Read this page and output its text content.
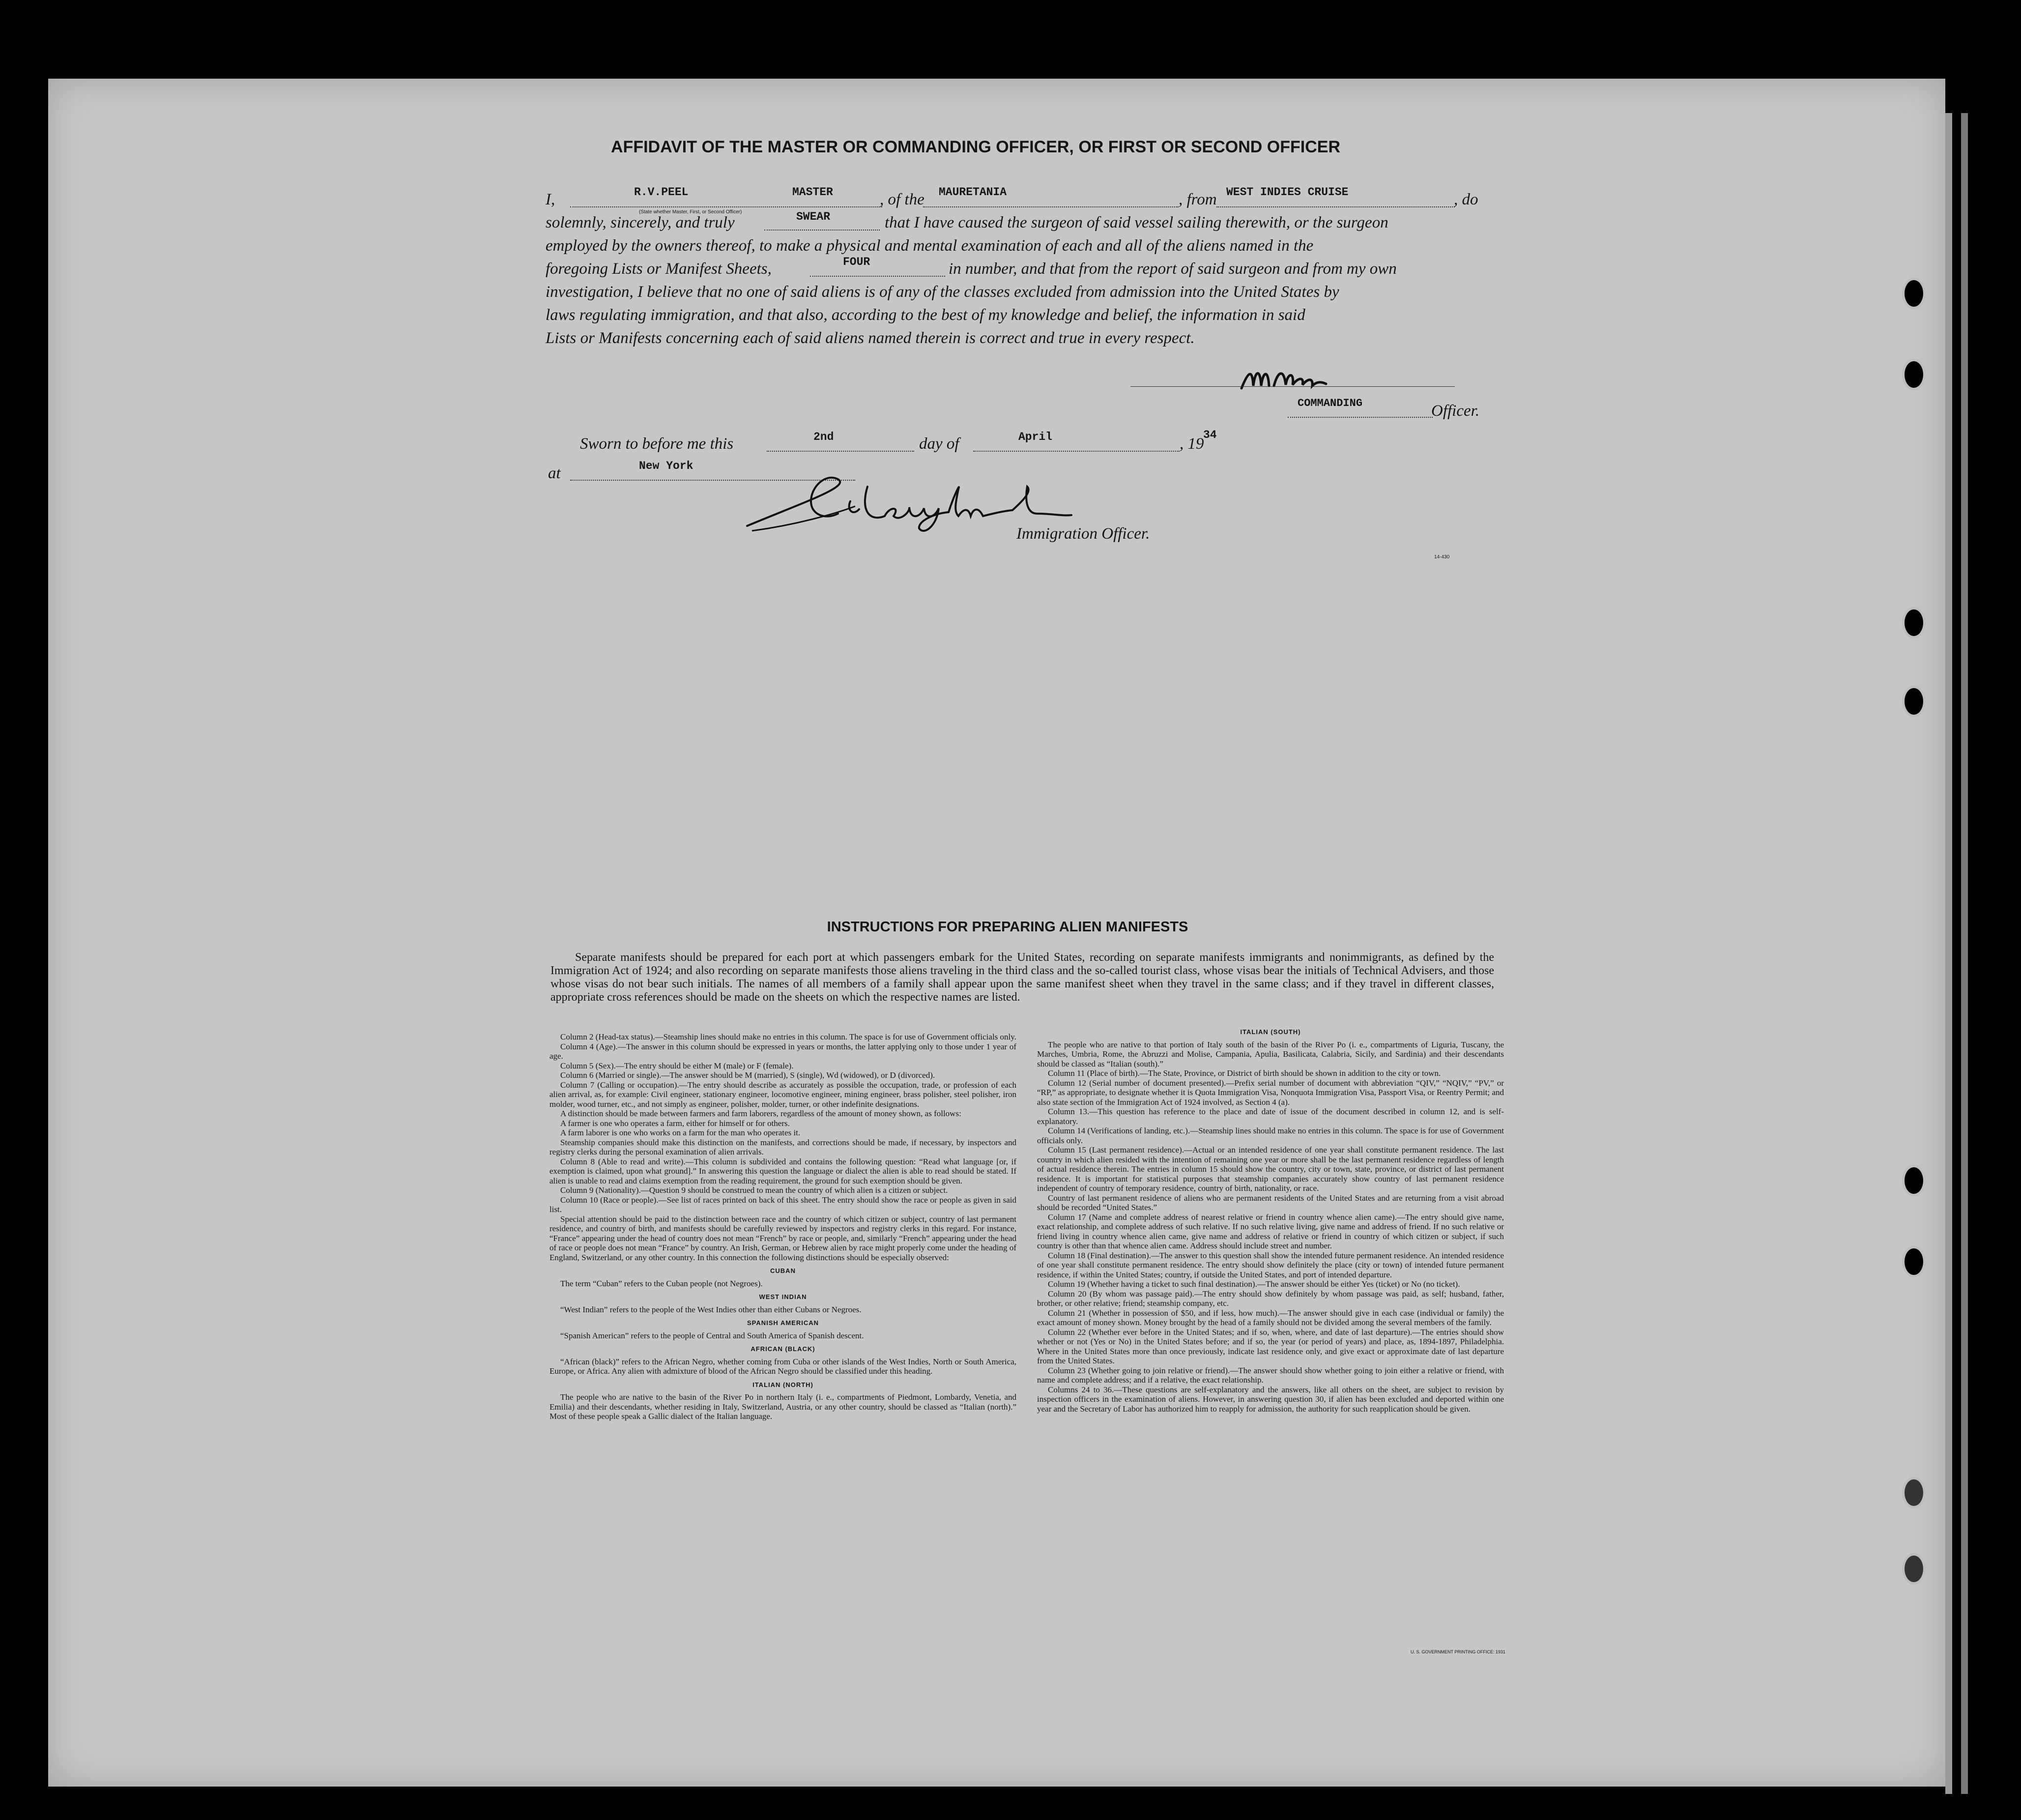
AFFIDAVIT OF THE MASTER OR COMMANDING OFFICER, OR FIRST OR SECOND OFFICER
I,	R.V.PEEL	MASTER
(State whether Master, First, or Second Officer)
, of the MAURETANIA	, from WEST INDIES CRUISE	, do
solemnly, sincerely, and truly	SWEAR	that I have caused the surgeon of said vessel sailing therewith, or the surgeon
employed by the owners thereof, to make a physical and mental examination of each and all of the aliens named in the
foregoing Lists or Manifest Sheets,	FOUR	in number, and that from the report of said surgeon and from my own
investigation, I believe that no one of said aliens is of any of the classes excluded from admission into the United States by
laws regulating immigration, and that also, according to the best of my knowledge and belief, the information in said
Lists or Manifests concerning each of said aliens named therein is correct and true in every respect.
COMMANDING	Officer.
Sworn to before me this	2nd	day of	April	, 19
34
at	New York
Immigration Officer.
14-430
INSTRUCTIONS FOR PREPARING ALIEN MANIFESTS
Separate manifests should be prepared for each port at which passengers embark for the United States, recording on separate manifests immigrants and nonimmigrants, as defined by the Immigration Act of 1924; and also recording on separate manifests those aliens traveling in the third class and the so-called tourist class, whose visas bear the initials of Technical Advisers, and those whose visas do not bear such initials. The names of all members of a family shall appear upon the same manifest sheet when they travel in the same class; and if they travel in different classes, appropriate cross references should be made on the sheets on which the respective names are listed.

Column 2 (Head-tax status).—Steamship lines should make no entries in this column. The space is for use of Government officials only.

Column 4 (Age).—The answer in this column should be expressed in years or months, the latter applying only to those under 1 year of age.

Column 5 (Sex).—The entry should be either M (male) or F (female).

Column 6 (Married or single).—The answer should be M (married), S (single), Wd (widowed), or D (divorced).

Column 7 (Calling or occupation).—The entry should describe as accurately as possible the occupation, trade, or profession of each alien arrival, as, for example: Civil engineer, stationary engineer, locomotive engineer, mining engineer, brass polisher, steel polisher, iron molder, wood turner, etc., and not simply as engineer, polisher, molder, turner, or other indefinite designations.

A distinction should be made between farmers and farm laborers, regardless of the amount of money shown, as follows:

A farmer is one who operates a farm, either for himself or for others.

A farm laborer is one who works on a farm for the man who operates it.

Steamship companies should make this distinction on the manifests, and corrections should be made, if necessary, by inspectors and registry clerks during the personal examination of alien arrivals.

Column 8 (Able to read and write).—This column is subdivided and contains the following question: “Read what language [or, if exemption is claimed, upon what ground].” In answering this question the language or dialect the alien is able to read should be stated. If alien is unable to read and claims exemption from the reading requirement, the ground for such exemption should be given.

Column 9 (Nationality).—Question 9 should be construed to mean the country of which alien is a citizen or subject.

Column 10 (Race or people).—See list of races printed on back of this sheet. The entry should show the race or people as given in said list.

Special attention should be paid to the distinction between race and the country of which citizen or subject, country of last permanent residence, and country of birth, and manifests should be carefully reviewed by inspectors and registry clerks in this regard. For instance, “France” appearing under the head of country does not mean “French” by race or people, and, similarly “French” appearing under the head of race or people does not mean “France” by country. An Irish, German, or Hebrew alien by race might properly come under the heading of England, Switzerland, or any other country. In this connection the following distinctions should be especially observed:

CUBAN

The term “Cuban” refers to the Cuban people (not Negroes).

WEST INDIAN

“West Indian” refers to the people of the West Indies other than either Cubans or Negroes.

SPANISH AMERICAN

“Spanish American” refers to the people of Central and South America of Spanish descent.

AFRICAN (BLACK)

“African (black)” refers to the African Negro, whether coming from Cuba or other islands of the West Indies, North or South America, Europe, or Africa. Any alien with admixture of blood of the African Negro should be classified under this heading.

ITALIAN (NORTH)

The people who are native to the basin of the River Po in northern Italy (i. e., compartments of Piedmont, Lombardy, Venetia, and Emilia) and their descendants, whether residing in Italy, Switzerland, Austria, or any other country, should be classed as “Italian (north).” Most of these people speak a Gallic dialect of the Italian language.

ITALIAN (SOUTH)

The people who are native to that portion of Italy south of the basin of the River Po (i. e., compartments of Liguria, Tuscany, the Marches, Umbria, Rome, the Abruzzi and Molise, Campania, Apulia, Basilicata, Calabria, Sicily, and Sardinia) and their descendants should be classed as “Italian (south).”

Column 11 (Place of birth).—The State, Province, or District of birth should be shown in addition to the city or town.

Column 12 (Serial number of document presented).—Prefix serial number of document with abbreviation “QIV,” “NQIV,” “PV,” or “RP,” as appropriate, to designate whether it is Quota Immigration Visa, Nonquota Immigration Visa, Passport Visa, or Reentry Permit; and also state section of the Immigration Act of 1924 involved, as Section 4 (a).

Column 13.—This question has reference to the place and date of issue of the document described in column 12, and is self-explanatory.

Column 14 (Verifications of landing, etc.).—Steamship lines should make no entries in this column. The space is for use of Government officials only.

Column 15 (Last permanent residence).—Actual or an intended residence of one year shall constitute permanent residence. The last country in which alien resided with the intention of remaining one year or more shall be the last permanent residence regardless of length of actual residence therein. The entries in column 15 should show the country, city or town, state, province, or district of last permanent residence. It is important for statistical purposes that steamship companies accurately show country of last permanent residence independent of country of temporary residence, country of birth, nationality, or race.

Country of last permanent residence of aliens who are permanent residents of the United States and are returning from a visit abroad should be recorded “United States.”

Column 17 (Name and complete address of nearest relative or friend in country whence alien came).—The entry should give name, exact relationship, and complete address of such relative. If no such relative living, give name and address of friend. If no such relative or friend living in country whence alien came, give name and address of relative or friend in country of which citizen or subject, if such country is other than that whence alien came. Address should include street and number.

Column 18 (Final destination).—The answer to this question shall show the intended future permanent residence. An intended residence of one year shall constitute permanent residence. The entry should show definitely the place (city or town) of intended future permanent residence, if within the United States; country, if outside the United States, and port of intended departure.

Column 19 (Whether having a ticket to such final destination).—The answer should be either Yes (ticket) or No (no ticket).

Column 20 (By whom was passage paid).—The entry should show definitely by whom passage was paid, as self; husband, father, brother, or other relative; friend; steamship company, etc.

Column 21 (Whether in possession of $50, and if less, how much).—The answer should give in each case (individual or family) the exact amount of money shown. Money brought by the head of a family should not be divided among the several members of the family.

Column 22 (Whether ever before in the United States; and if so, when, where, and date of last departure).—The entries should show whether or not (Yes or No) in the United States before; and if so, the year (or period of years) and place, as, 1894-1897, Philadelphia. Where in the United States more than once previously, indicate last residence only, and give exact or approximate date of last departure from the United States.

Column 23 (Whether going to join relative or friend).—The answer should show whether going to join either a relative or friend, with name and complete address; and if a relative, the exact relationship.

Columns 24 to 36.—These questions are self-explanatory and the answers, like all others on the sheet, are subject to revision by inspection officers in the examination of aliens. However, in answering question 30, if alien has been excluded and deported within one year and the Secretary of Labor has authorized him to reapply for admission, the authority for such reapplication should be given.

U. S. GOVERNMENT PRINTING OFFICE: 1931
